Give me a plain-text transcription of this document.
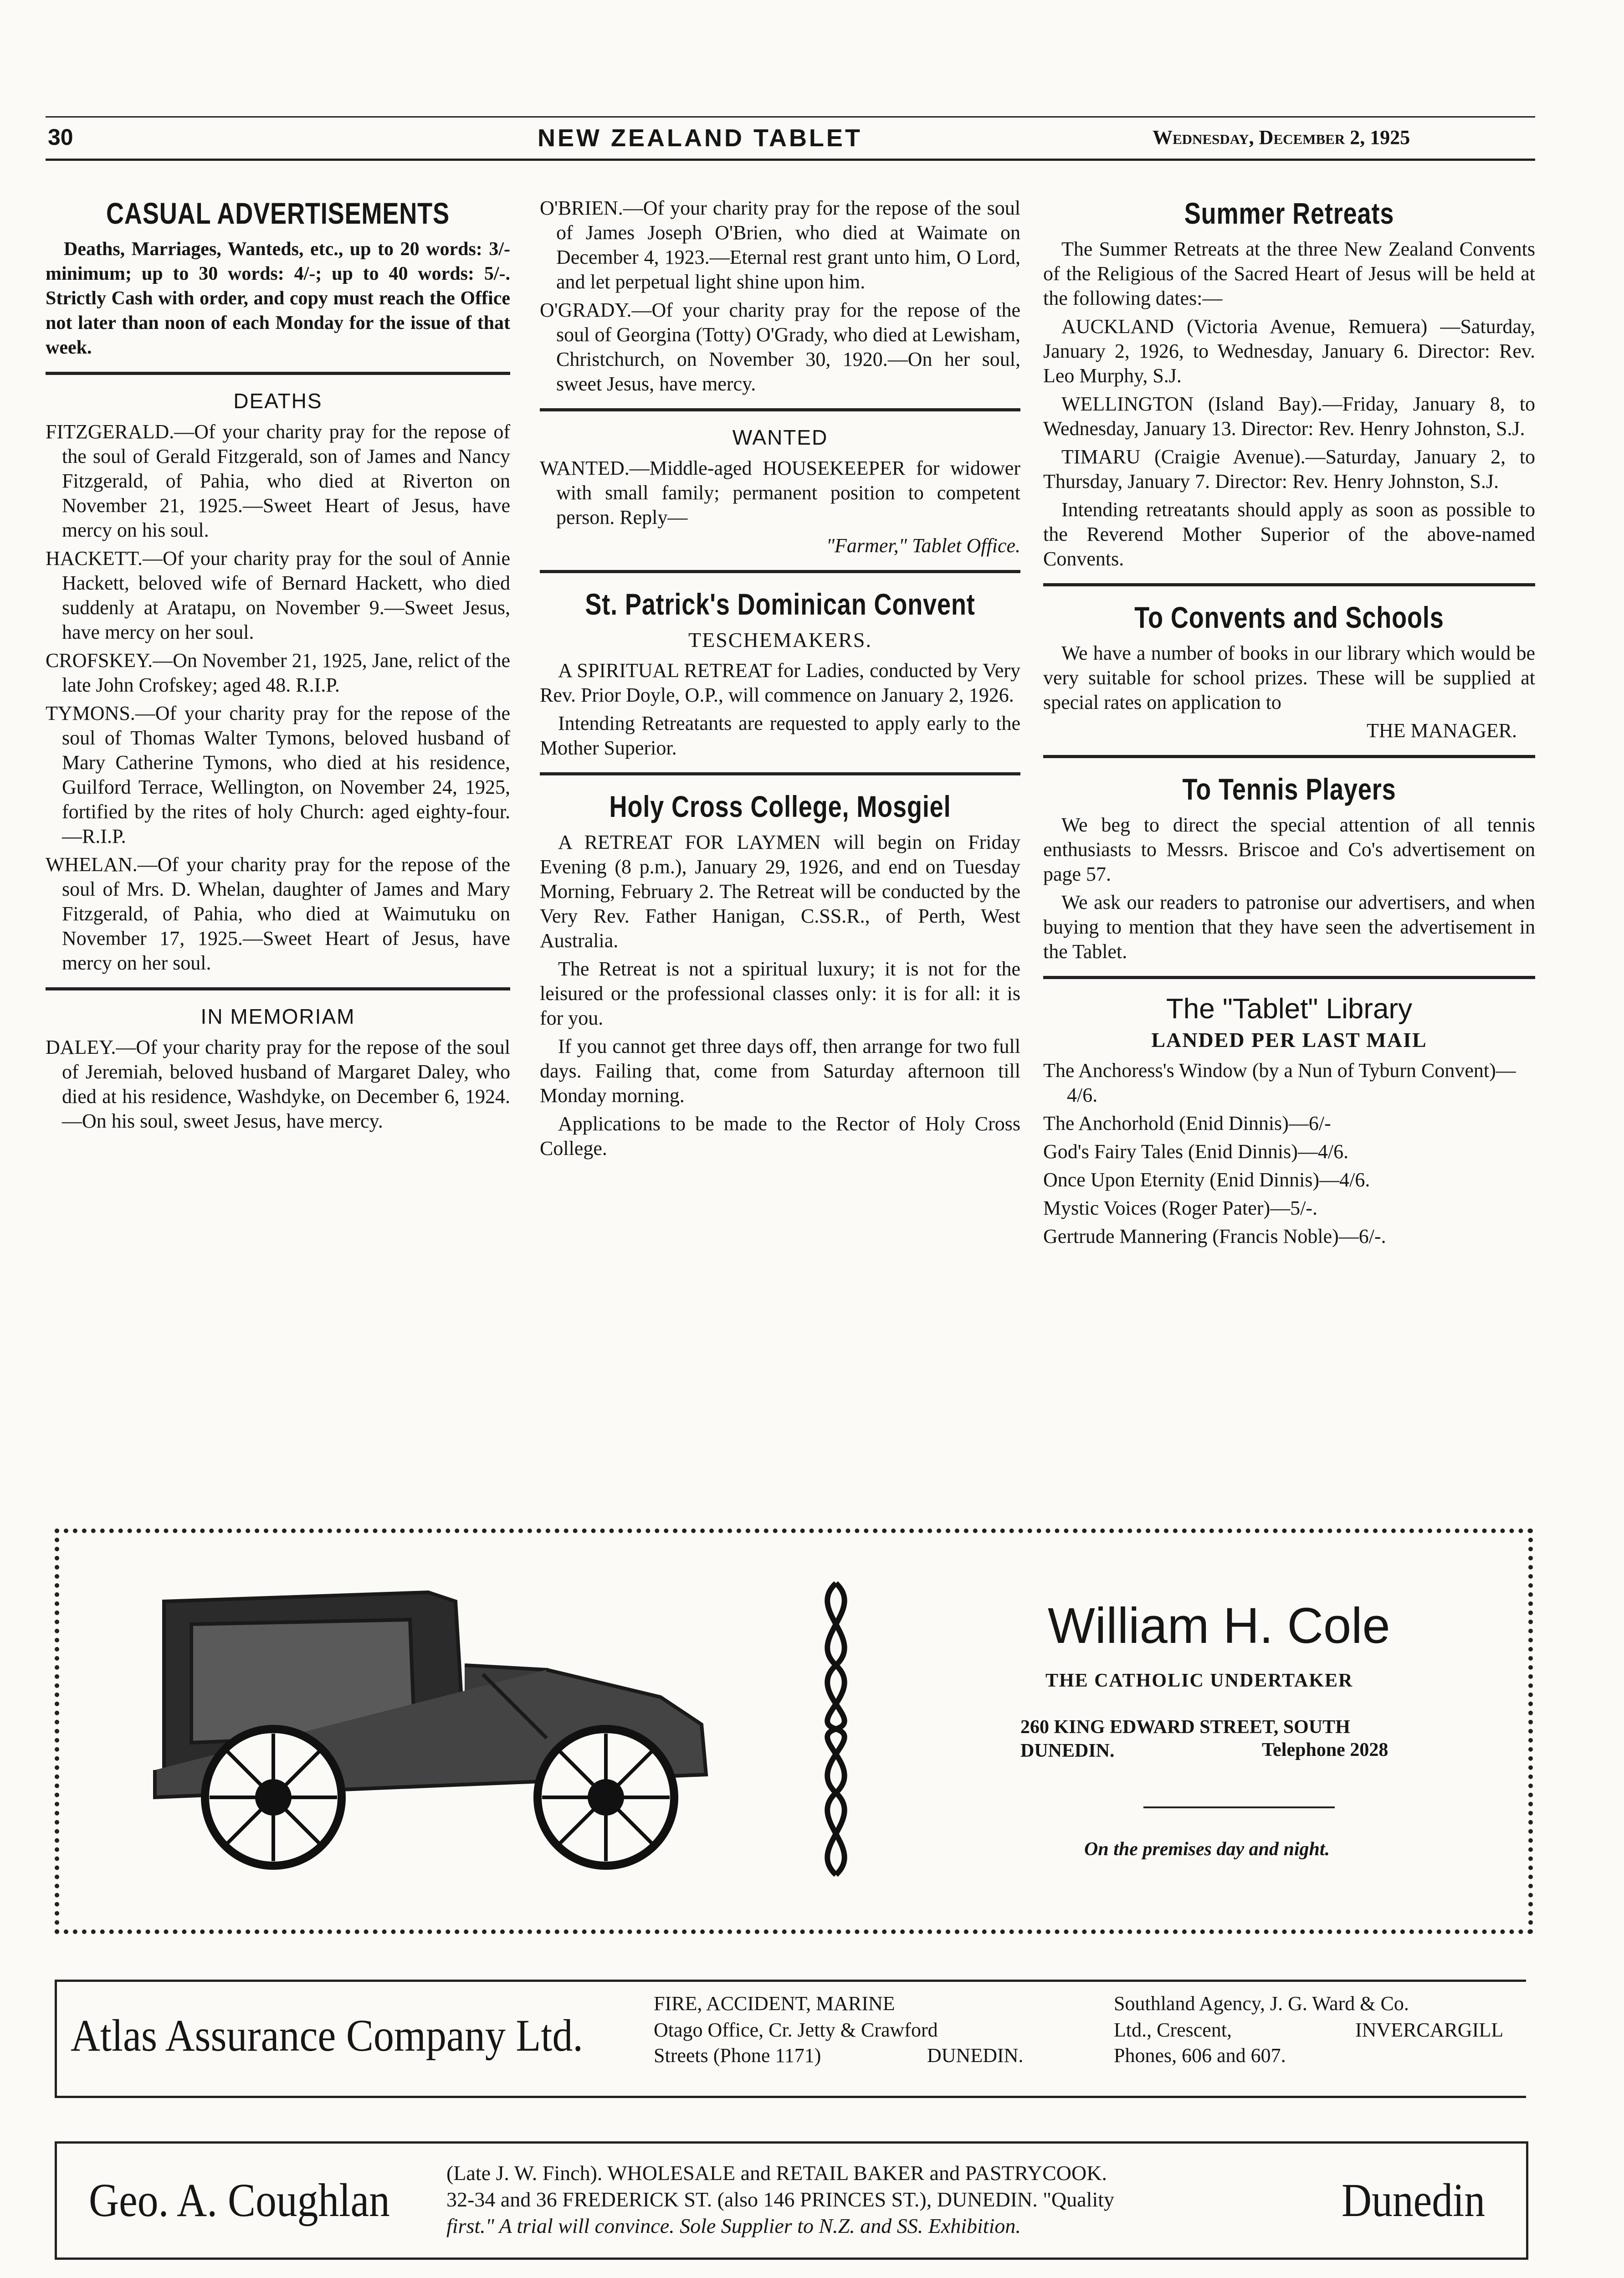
30	NEW ZEALAND TABLET	Wednesday, December 2, 1925
CASUAL ADVERTISEMENTS

Deaths, Marriages, Wanteds, etc., up to 20 words: 3/- minimum; up to 30 words: 4/-; up to 40 words: 5/-. Strictly Cash with order, and copy must reach the Office not later than noon of each Monday for the issue of that week.

DEATHS

FITZGERALD.—Of your charity pray for the repose of the soul of Gerald Fitzgerald, son of James and Nancy Fitzgerald, of Pahia, who died at Riverton on November 21, 1925.—Sweet Heart of Jesus, have mercy on his soul.

HACKETT.—Of your charity pray for the soul of Annie Hackett, beloved wife of Bernard Hackett, who died suddenly at Aratapu, on November 9.—Sweet Jesus, have mercy on her soul.

CROFSKEY.—On November 21, 1925, Jane, relict of the late John Crofskey; aged 48. R.I.P.

TYMONS.—Of your charity pray for the repose of the soul of Thomas Walter Tymons, beloved husband of Mary Catherine Tymons, who died at his residence, Guilford Terrace, Wellington, on November 24, 1925, fortified by the rites of holy Church: aged eighty-four.—R.I.P.

WHELAN.—Of your charity pray for the repose of the soul of Mrs. D. Whelan, daughter of James and Mary Fitzgerald, of Pahia, who died at Waimutuku on November 17, 1925.—Sweet Heart of Jesus, have mercy on her soul.

IN MEMORIAM

DALEY.—Of your charity pray for the repose of the soul of Jeremiah, beloved husband of Margaret Daley, who died at his residence, Washdyke, on December 6, 1924. —On his soul, sweet Jesus, have mercy.

O'BRIEN.—Of your charity pray for the repose of the soul of James Joseph O'Brien, who died at Waimate on December 4, 1923.—Eternal rest grant unto him, O Lord, and let perpetual light shine upon him.

O'GRADY.—Of your charity pray for the repose of the soul of Georgina (Totty) O'Grady, who died at Lewisham, Christchurch, on November 30, 1920.—On her soul, sweet Jesus, have mercy.

WANTED

WANTED.—Middle-aged HOUSEKEEPER for widower with small family; permanent position to competent person. Reply—

"Farmer," Tablet Office.

St. Patrick's Dominican Convent
TESCHEMAKERS.

A SPIRITUAL RETREAT for Ladies, conducted by Very Rev. Prior Doyle, O.P., will commence on January 2, 1926.

Intending Retreatants are requested to apply early to the Mother Superior.

Holy Cross College, Mosgiel

A RETREAT FOR LAYMEN will begin on Friday Evening (8 p.m.), January 29, 1926, and end on Tuesday Morning, February 2. The Retreat will be conducted by the Very Rev. Father Hanigan, C.SS.R., of Perth, West Australia.

The Retreat is not a spiritual luxury; it is not for the leisured or the professional classes only: it is for all: it is for you.

If you cannot get three days off, then arrange for two full days. Failing that, come from Saturday afternoon till Monday morning.

Applications to be made to the Rector of Holy Cross College.

Summer Retreats

The Summer Retreats at the three New Zealand Convents of the Religious of the Sacred Heart of Jesus will be held at the following dates:—

AUCKLAND (Victoria Avenue, Remuera) —Saturday, January 2, 1926, to Wednesday, January 6. Director: Rev. Leo Murphy, S.J.

WELLINGTON (Island Bay).—Friday, January 8, to Wednesday, January 13. Director: Rev. Henry Johnston, S.J.

TIMARU (Craigie Avenue).—Saturday, January 2, to Thursday, January 7. Director: Rev. Henry Johnston, S.J.

Intending retreatants should apply as soon as possible to the Reverend Mother Superior of the above-named Convents.

To Convents and Schools

We have a number of books in our library which would be very suitable for school prizes. These will be supplied at special rates on application to

THE MANAGER.

To Tennis Players

We beg to direct the special attention of all tennis enthusiasts to Messrs. Briscoe and Co's advertisement on page 57.

We ask our readers to patronise our advertisers, and when buying to mention that they have seen the advertisement in the Tablet.

The "Tablet" Library
LANDED PER LAST MAIL

The Anchoress's Window (by a Nun of Tyburn Convent)—4/6.

The Anchorhold (Enid Dinnis)—6/-

God's Fairy Tales (Enid Dinnis)—4/6.

Once Upon Eternity (Enid Dinnis)—4/6.

Mystic Voices (Roger Pater)—5/-.

Gertrude Mannering (Francis Noble)—6/-.

William H. Cole
THE CATHOLIC UNDERTAKER
260 KING EDWARD STREET, SOUTH DUNEDIN.	Telephone 2028
On the premises day and night.
Atlas Assurance Company Ltd.
FIRE, ACCIDENT, MARINE
Otago Office, Cr. Jetty & Crawford
Streets (Phone 1171)	DUNEDIN.
Southland Agency, J. G. Ward & Co.
Ltd., Crescent,	INVERCARGILL
Phones, 606 and 607.
Geo. A. Coughlan
(Late J. W. Finch). WHOLESALE and RETAIL BAKER and PASTRYCOOK.
32-34 and 36 FREDERICK ST. (also 146 PRINCES ST.), DUNEDIN. "Quality
first." A trial will convince. Sole Supplier to N.Z. and SS. Exhibition.	Dunedin
